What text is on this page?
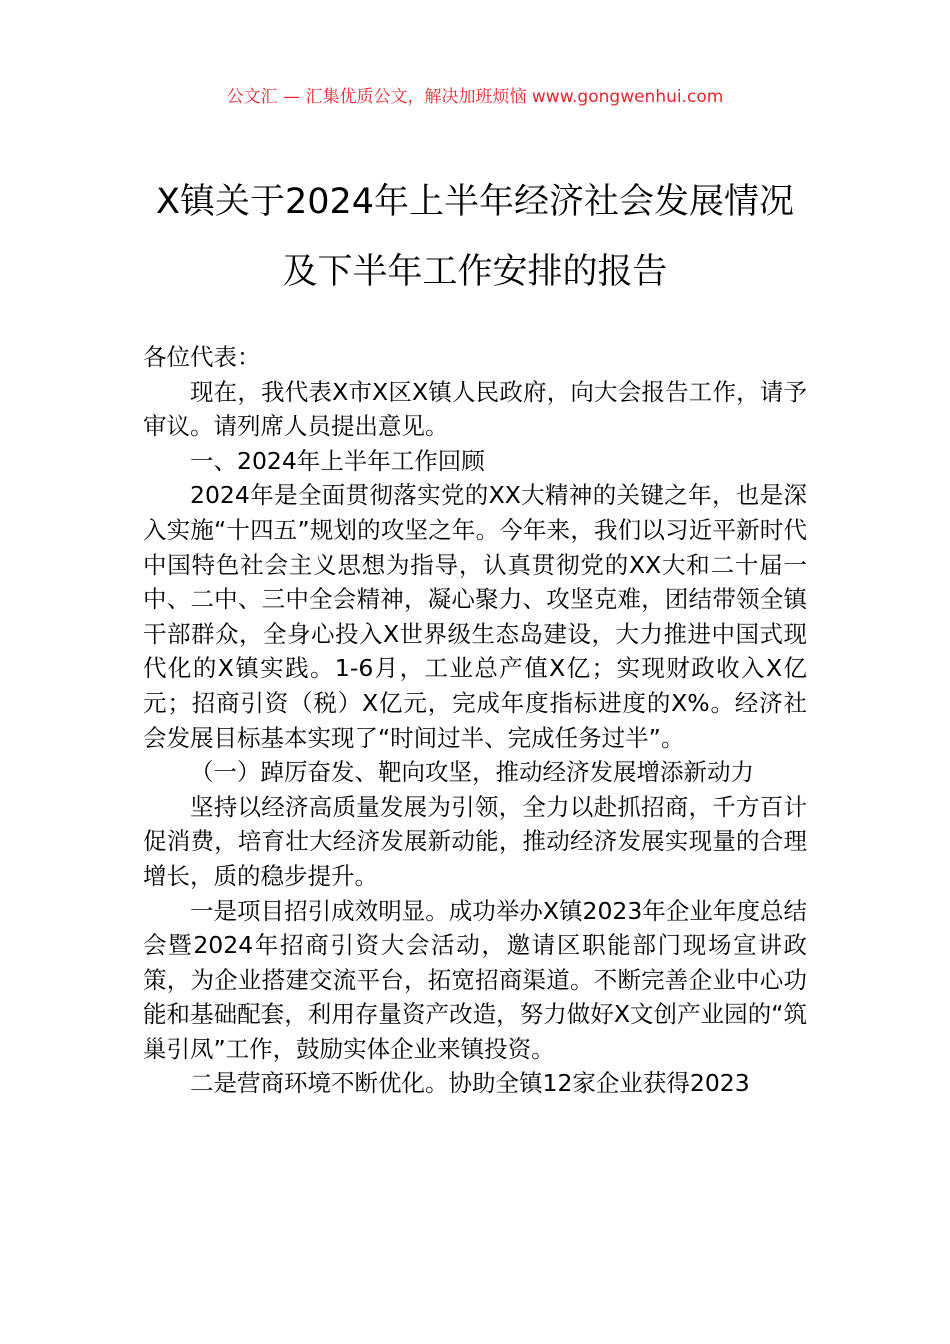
公文汇 — 汇集优质公文，解决加班烦恼 www.gongwenhui.com
X镇关于2024年上半年经济社会发展情况
及下半年工作安排的报告

各位代表：

现在，我代表X市X区X镇人民政府，向大会报告工作，请予审议。请列席人员提出意见。

一、2024年上半年工作回顾

2024年是全面贯彻落实党的XX大精神的关键之年，也是深入实施“十四五”规划的攻坚之年。今年来，我们以习近平新时代中国特色社会主义思想为指导，认真贯彻党的XX大和二十届一中、二中、三中全会精神，凝心聚力、攻坚克难，团结带领全镇干部群众，全身心投入X世界级生态岛建设，大力推进中国式现代化的X镇实践。1-6月，工业总产值X亿；实现财政收入X亿元；招商引资（税）X亿元，完成年度指标进度的X%。经济社会发展目标基本实现了“时间过半、完成任务过半”。

（一）踔厉奋发、靶向攻坚，推动经济发展增添新动力

坚持以经济高质量发展为引领，全力以赴抓招商，千方百计促消费，培育壮大经济发展新动能，推动经济发展实现量的合理增长，质的稳步提升。

一是项目招引成效明显。成功举办X镇2023年企业年度总结会暨2024年招商引资大会活动，邀请区职能部门现场宣讲政策，为企业搭建交流平台，拓宽招商渠道。不断完善企业中心功能和基础配套，利用存量资产改造，努力做好X文创产业园的“筑巢引凤”工作，鼓励实体企业来镇投资。

二是营商环境不断优化。协助全镇12家企业获得2023
